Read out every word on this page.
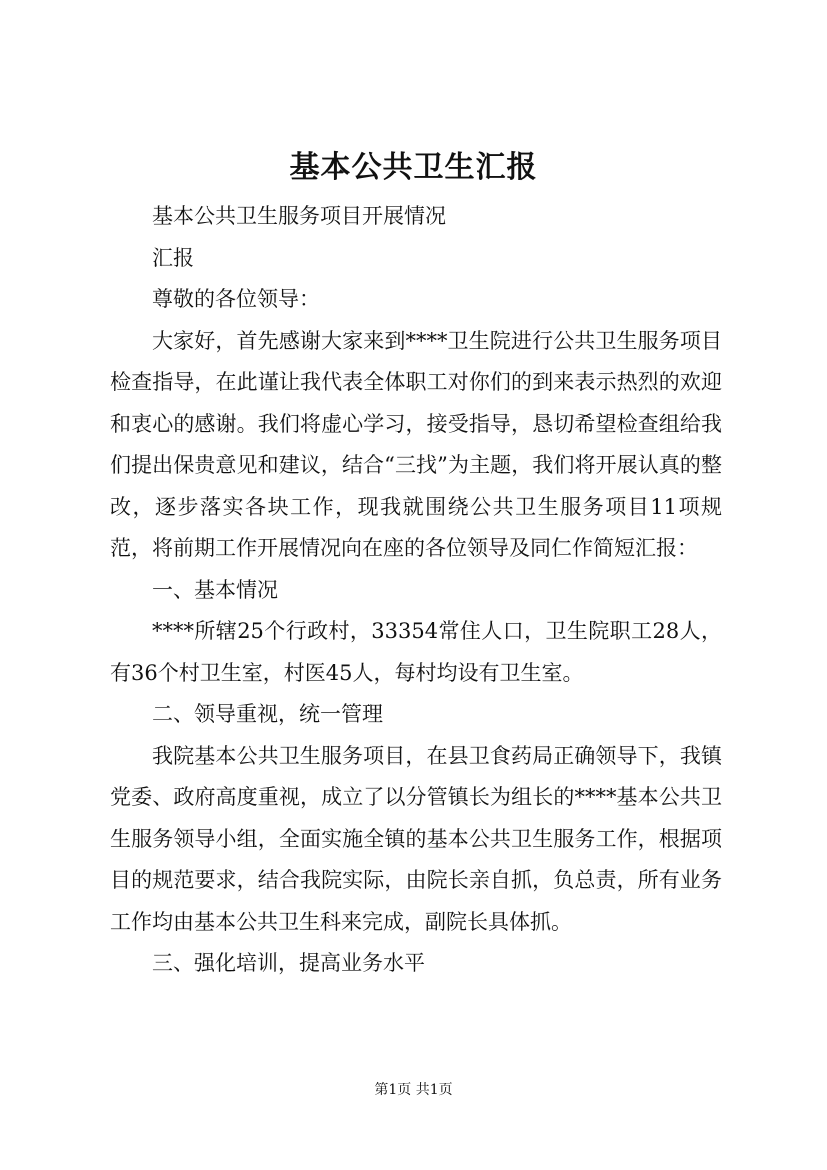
基本公共卫生汇报

基本公共卫生服务项目开展情况

汇报

尊敬的各位领导：

大家好，首先感谢大家来到****卫生院进行公共卫生服务项目检查指导，在此谨让我代表全体职工对你们的到来表示热烈的欢迎和衷心的感谢。我们将虚心学习，接受指导，恳切希望检查组给我们提出保贵意见和建议，结合“三找”为主题，我们将开展认真的整改，逐步落实各块工作，现我就围绕公共卫生服务项目11项规范，将前期工作开展情况向在座的各位领导及同仁作简短汇报：

一、基本情况

****所辖25个行政村，33354常住人口，卫生院职工28人，有36个村卫生室，村医45人，每村均设有卫生室。

二、领导重视，统一管理

我院基本公共卫生服务项目，在县卫食药局正确领导下，我镇党委、政府高度重视，成立了以分管镇长为组长的****基本公共卫生服务领导小组，全面实施全镇的基本公共卫生服务工作，根据项目的规范要求，结合我院实际，由院长亲自抓，负总责，所有业务工作均由基本公共卫生科来完成，副院长具体抓。

三、强化培训，提高业务水平

第1页 共1页
